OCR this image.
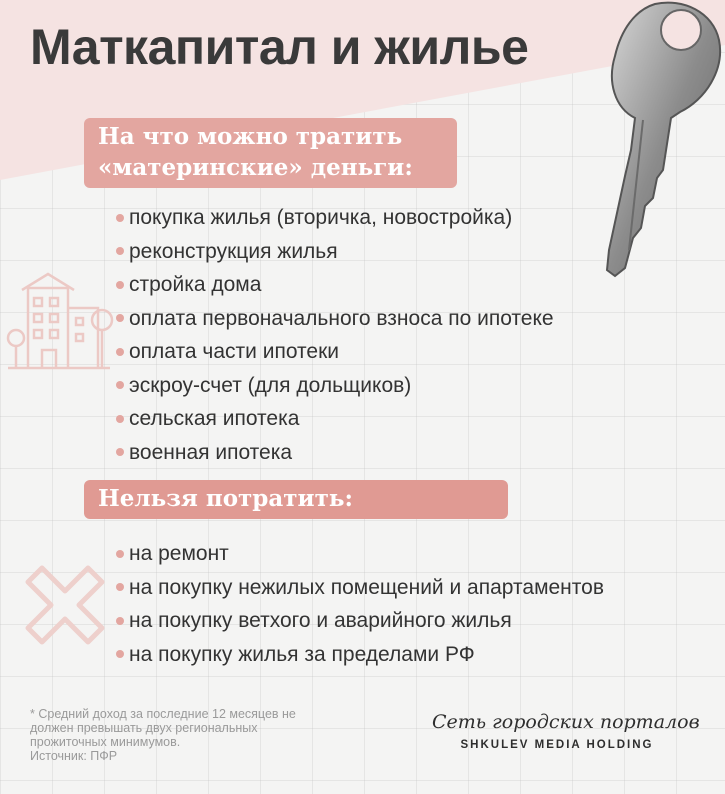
Маткапитал и жилье
На что можно тратить
«материнские» деньги:
покупка жилья (вторичка, новостройка)
реконструкция жилья
стройка дома
оплата первоначального взноса по ипотеке
оплата части ипотеки
эскроу-счет (для дольщиков)
сельская ипотека
военная ипотека
Нельзя потратить:
на ремонт
на покупку нежилых помещений и апартаментов
на покупку ветхого и аварийного жилья
на покупку жилья за пределами РФ
* Средний доход за последние 12 месяцев не
должен превышать двух региональных
прожиточных минимумов.
Источник: ПФР
Сеть городских порталов
SHKULEV MEDIA HOLDING
